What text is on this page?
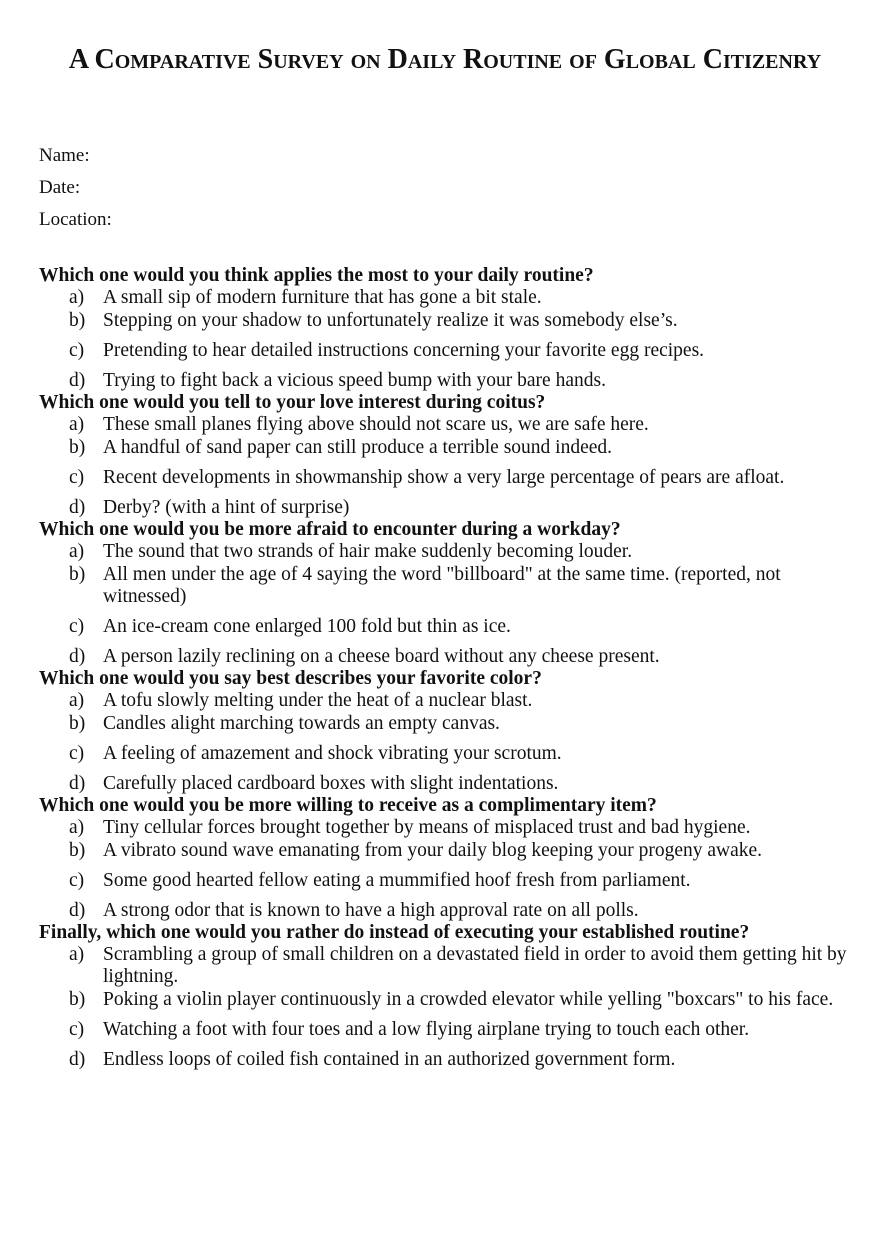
A Comparative Survey on Daily Routine of Global Citizenry
Name:
Date:
Location:
Which one would you think applies the most to your daily routine?
a) A small sip of modern furniture that has gone a bit stale.
b) Stepping on your shadow to unfortunately realize it was somebody else’s.
c) Pretending to hear detailed instructions concerning your favorite egg recipes.
d) Trying to fight back a vicious speed bump with your bare hands.
Which one would you tell to your love interest during coitus?
a) These small planes flying above should not scare us, we are safe here.
b) A handful of sand paper can still produce a terrible sound indeed.
c) Recent developments in showmanship show a very large percentage of pears are afloat.
d) Derby? (with a hint of surprise)
Which one would you be more afraid to encounter during a workday?
a) The sound that two strands of hair make suddenly becoming louder.
b) All men under the age of 4 saying the word "billboard" at the same time. (reported, not witnessed)
c) An ice-cream cone enlarged 100 fold but thin as ice.
d) A person lazily reclining on a cheese board without any cheese present.
Which one would you say best describes your favorite color?
a) A tofu slowly melting under the heat of a nuclear blast.
b) Candles alight marching towards an empty canvas.
c) A feeling of amazement and shock vibrating your scrotum.
d) Carefully placed cardboard boxes with slight indentations.
Which one would you be more willing to receive as a complimentary item?
a) Tiny cellular forces brought together by means of misplaced trust and bad hygiene.
b) A vibrato sound wave emanating from your daily blog keeping your progeny awake.
c) Some good hearted fellow eating a mummified hoof fresh from parliament.
d) A strong odor that is known to have a high approval rate on all polls.
Finally, which one would you rather do instead of executing your established routine?
a) Scrambling a group of small children on a devastated field in order to avoid them getting hit by lightning.
b) Poking a violin player continuously in a crowded elevator while yelling "boxcars" to his face.
c) Watching a foot with four toes and a low flying airplane trying to touch each other.
d) Endless loops of coiled fish contained in an authorized government form.
